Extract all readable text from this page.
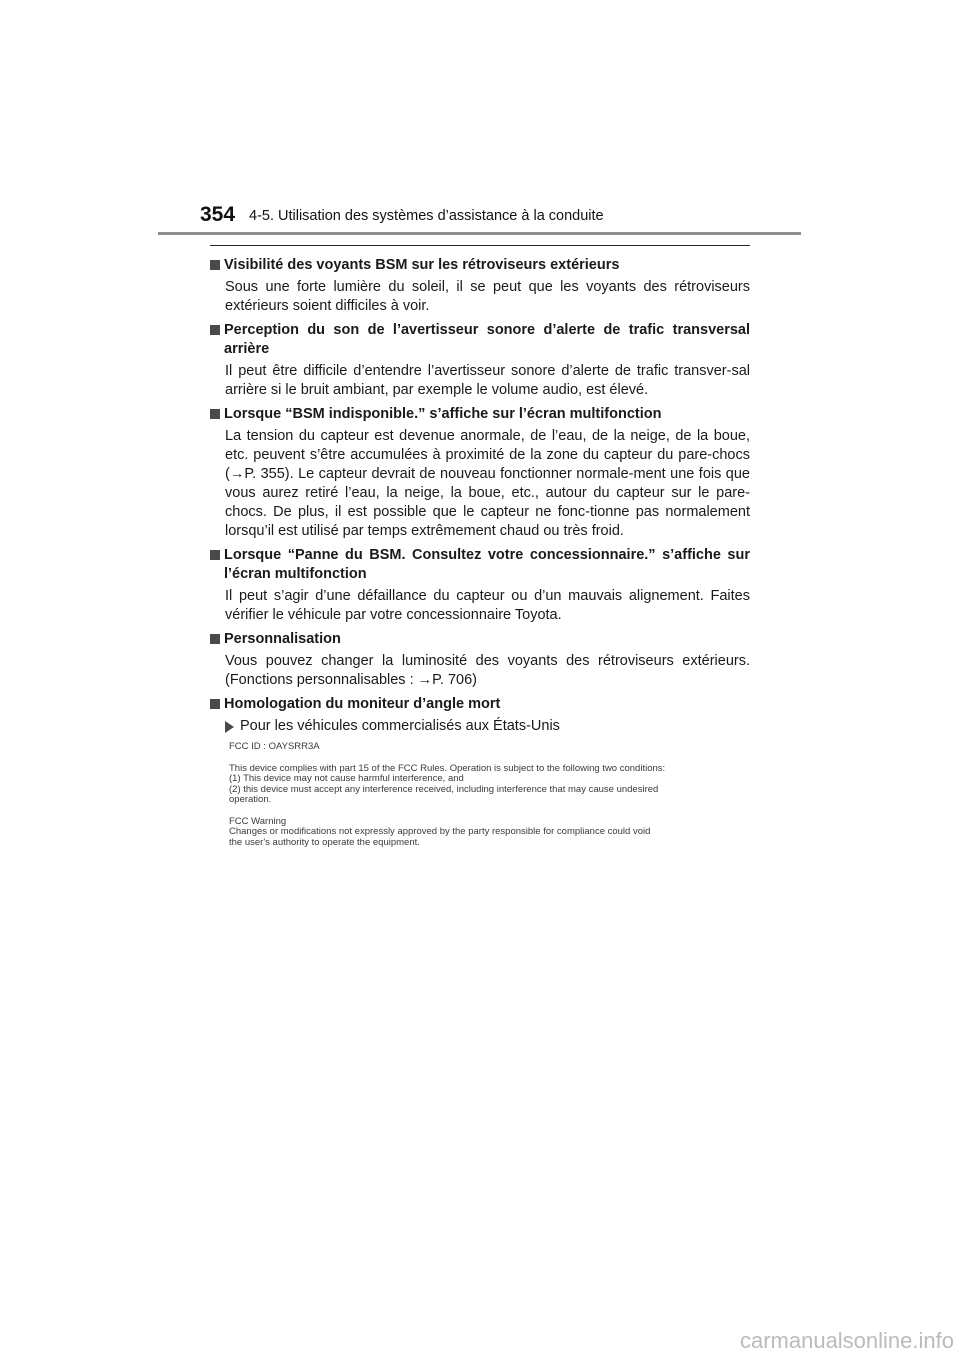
354 4-5. Utilisation des systèmes d’assistance à la conduite
Visibilité des voyants BSM sur les rétroviseurs extérieurs
Sous une forte lumière du soleil, il se peut que les voyants des rétroviseurs extérieurs soient difficiles à voir.
Perception du son de l’avertisseur sonore d’alerte de trafic transversal arrière
Il peut être difficile d’entendre l’avertisseur sonore d’alerte de trafic transver-sal arrière si le bruit ambiant, par exemple le volume audio, est élevé.
Lorsque “BSM indisponible.” s’affiche sur l’écran multifonction
La tension du capteur est devenue anormale, de l’eau, de la neige, de la boue, etc. peuvent s’être accumulées à proximité de la zone du capteur du pare-chocs (→P. 355). Le capteur devrait de nouveau fonctionner normale-ment une fois que vous aurez retiré l’eau, la neige, la boue, etc., autour du capteur sur le pare-chocs. De plus, il est possible que le capteur ne fonc-tionne pas normalement lorsqu’il est utilisé par temps extrêmement chaud ou très froid.
Lorsque “Panne du BSM. Consultez votre concessionnaire.” s’affiche sur l’écran multifonction
Il peut s’agir d’une défaillance du capteur ou d’un mauvais alignement. Faites vérifier le véhicule par votre concessionnaire Toyota.
Personnalisation
Vous pouvez changer la luminosité des voyants des rétroviseurs extérieurs. (Fonctions personnalisables : →P. 706)
Homologation du moniteur d’angle mort
Pour les véhicules commercialisés aux États-Unis
FCC ID : OAYSRR3A
This device complies with part 15 of the FCC Rules. Operation is subject to the following two conditions:
(1) This device may not cause harmful interference, and
(2) this device must accept any interference received, including interference that may cause undesired
operation.
FCC Warning
Changes or modifications not expressly approved by the party responsible for compliance could void
the user's authority to operate the equipment.
carmanualsonline.info
